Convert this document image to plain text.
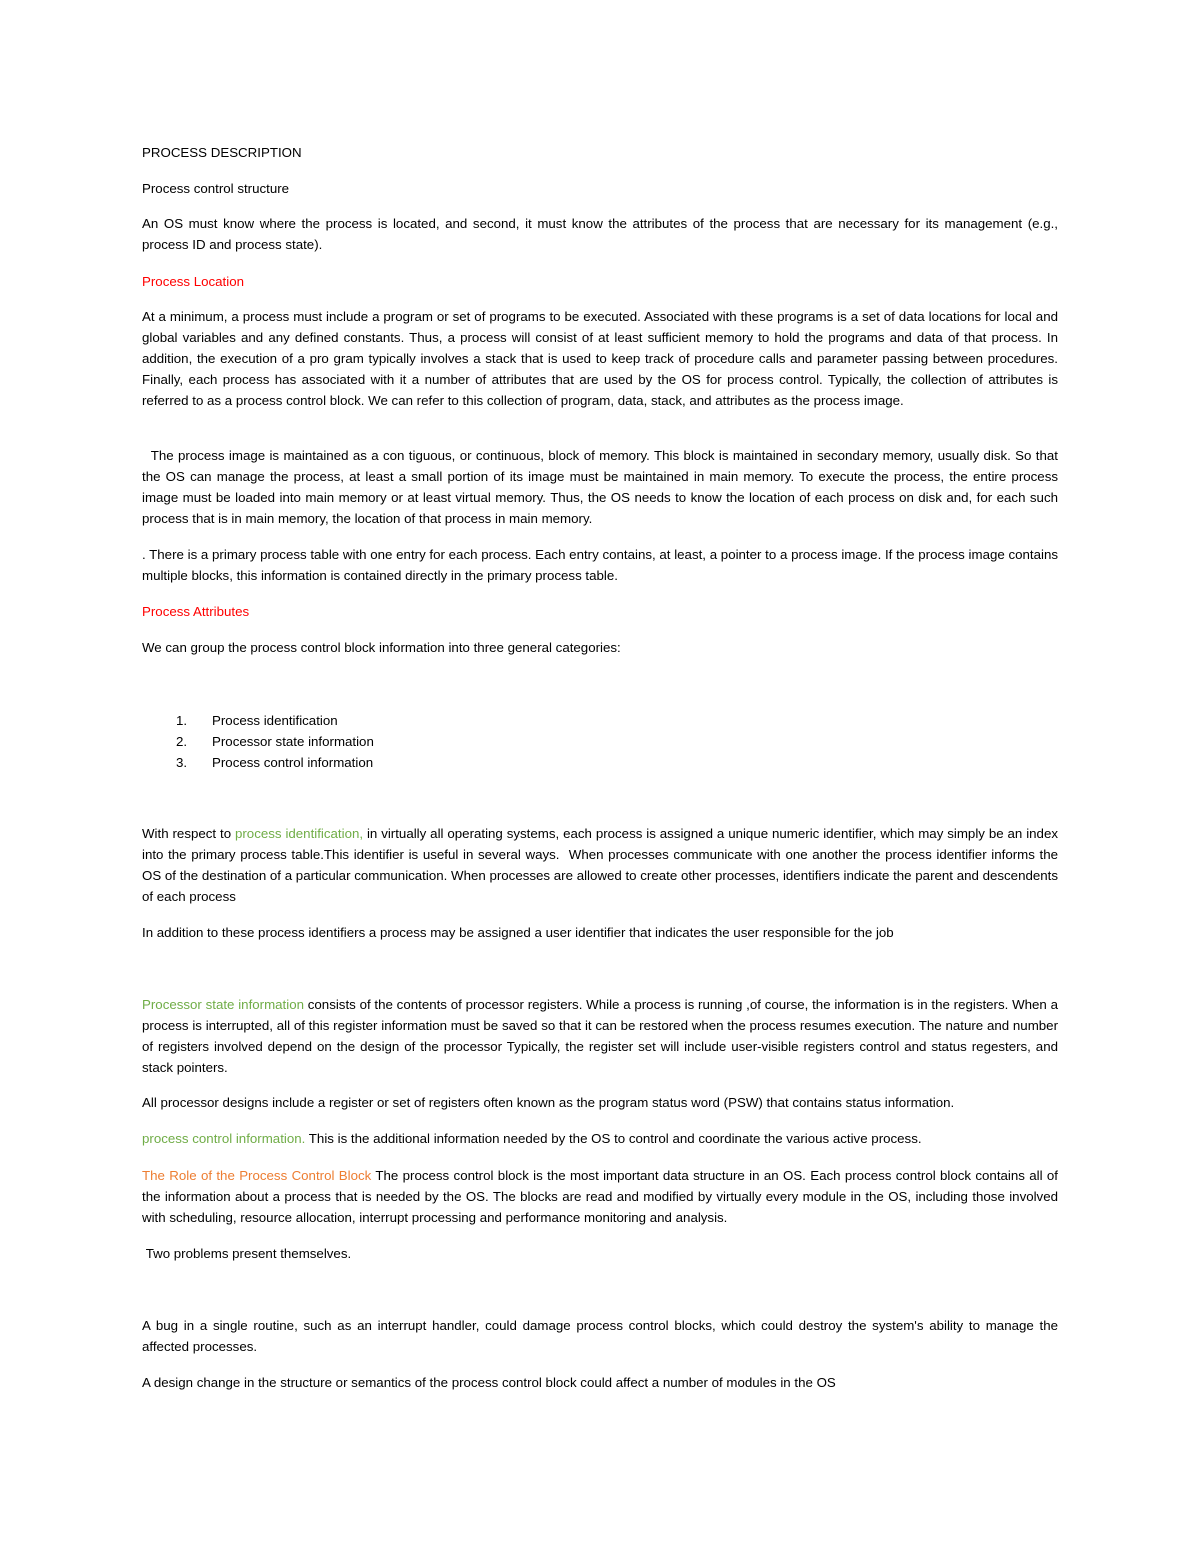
PROCESS DESCRIPTION

Process control structure

An OS must know where the process is located, and second, it must know the attributes of the process that are necessary for its management (e.g., process ID and process state).

Process Location

At a minimum, a process must include a program or set of programs to be executed. Associated with these programs is a set of data locations for local and global variables and any defined constants. Thus, a process will consist of at least sufficient memory to hold the programs and data of that process. In addition, the execution of a pro gram typically involves a stack that is used to keep track of procedure calls and parameter passing between procedures. Finally, each process has associated with it a number of attributes that are used by the OS for process control. Typically, the collection of attributes is referred to as a process control block. We can refer to this collection of program, data, stack, and attributes as the process image.

The process image is maintained as a con tiguous, or continuous, block of memory. This block is maintained in secondary memory, usually disk. So that the OS can manage the process, at least a small portion of its image must be maintained in main memory. To execute the process, the entire process image must be loaded into main memory or at least virtual memory. Thus, the OS needs to know the location of each process on disk and, for each such process that is in main memory, the location of that process in main memory.

. There is a primary process table with one entry for each process. Each entry contains, at least, a pointer to a process image. If the process image contains multiple blocks, this information is contained directly in the primary process table.

Process Attributes

We can group the process control block information into three general categories:

1. Process identification
2. Processor state information
3. Process control information

With respect to process identification, in virtually all operating systems, each process is assigned a unique numeric identifier, which may simply be an index into the primary process table.This identifier is useful in several ways.  When processes communicate with one another the process identifier informs the OS of the destination of a particular communication. When processes are allowed to create other processes, identifiers indicate the parent and descendents of each process

In addition to these process identifiers a process may be assigned a user identifier that indicates the user responsible for the job

Processor state information consists of the contents of processor registers. While a process is running ,of course, the information is in the registers. When a process is interrupted, all of this register information must be saved so that it can be restored when the process resumes execution. The nature and number of registers involved depend on the design of the processor Typically, the register set will include user-visible registers control and status regesters, and stack pointers.

All processor designs include a register or set of registers often known as the program status word (PSW) that contains status information.

process control information. This is the additional information needed by the OS to control and coordinate the various active process.

The Role of the Process Control Block The process control block is the most important data structure in an OS. Each process control block contains all of the information about a process that is needed by the OS. The blocks are read and modified by virtually every module in the OS, including those involved with scheduling, resource allocation, interrupt processing and performance monitoring and analysis.

Two problems present themselves.

A bug in a single routine, such as an interrupt handler, could damage process control blocks, which could destroy the system's ability to manage the affected processes.

A design change in the structure or semantics of the process control block could affect a number of modules in the OS
